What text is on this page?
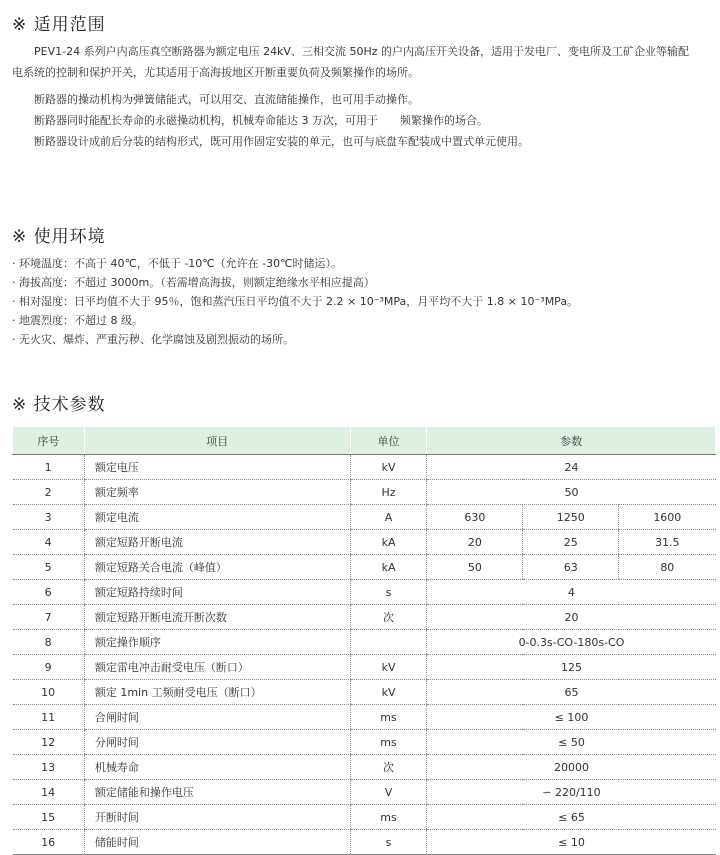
※ 适用范围

PEV1-24 系列户内高压真空断路器为额定电压 24kV、三相交流 50Hz 的户内高压开关设备，适用于发电厂、变电所及工矿企业等输配

电系统的控制和保护开关，尤其适用于高海拔地区开断重要负荷及频繁操作的场所。

断路器的操动机构为弹簧储能式，可以用交、直流储能操作，也可用手动操作。

断路器同时能配长寿命的永磁操动机构，机械寿命能达 3 万次，可用于　　频繁操作的场合。

断路器设计成前后分装的结构形式，既可用作固定安装的单元，也可与底盘车配装成中置式单元使用。

※ 使用环境
· 环境温度：不高于 40℃，不低于 -10℃（允许在 -30℃时储运）。
· 海拔高度：不超过 3000m。（若需增高海拔，则额定绝缘水平相应提高）
· 相对湿度：日平均值不大于 95％，饱和蒸汽压日平均值不大于 2.2 × 10⁻³MPa，月平均不大于 1.8 × 10⁻³MPa。
· 地震烈度：不超过 8 级。
· 无火灾、爆炸、严重污秽、化学腐蚀及剧烈振动的场所。
※ 技术参数
序号	项目	单位	参数		
1	额定电压	kV	24		
2	额定频率	Hz	50		
3	额定电流	A	630	1250	1600
4	额定短路开断电流	kA	20	25	31.5
5	额定短路关合电流（峰值）	kA	50	63	80
6	额定短路持续时间	s	4		
7	额定短路开断电流开断次数	次	20		
8	额定操作顺序		0-0.3s-CO-180s-CO		
9	额定雷电冲击耐受电压（断口）	kV	125		
10	额定 1min 工频耐受电压（断口）	kV	65		
11	合闸时间	ms	≤ 100		
12	分闸时间	ms	≤ 50		
13	机械寿命	次	20000		
14	额定储能和操作电压	V	∽ 220/110		
15	开断时间	ms	≤ 65		
16	储能时间	s	≤ 10		
